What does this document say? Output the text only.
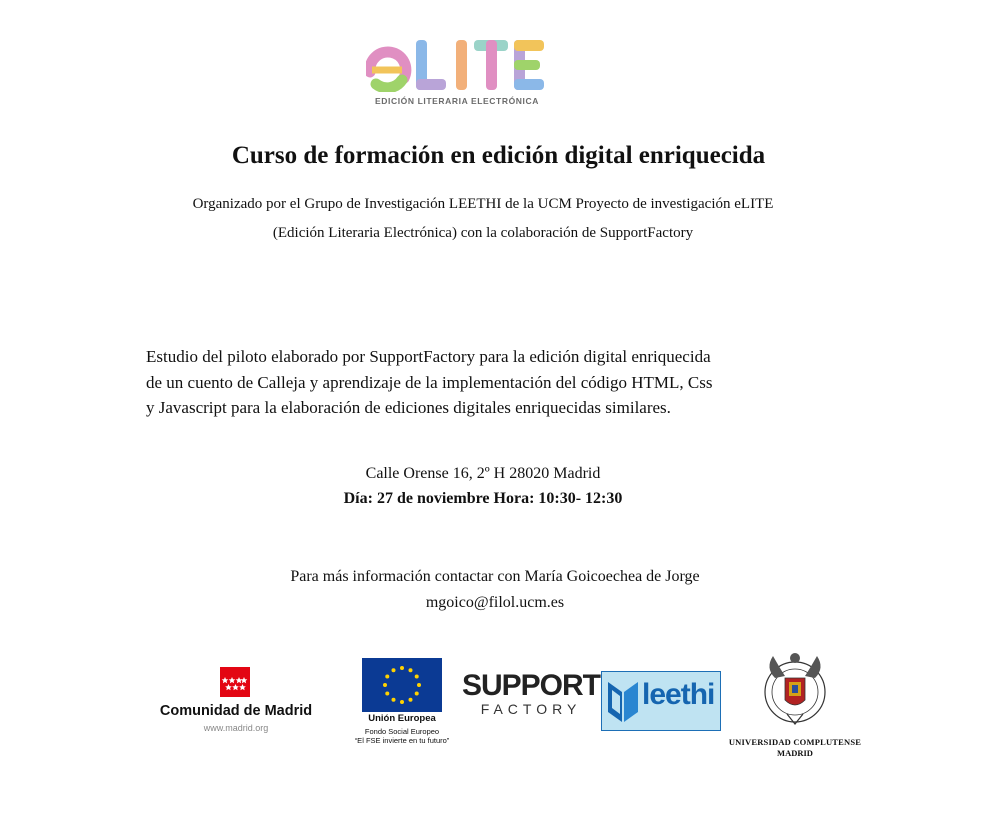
EDICIÓN LITERARIA ELECTRÓNICA
Curso de formación en edición digital enriquecida
Organizado por el Grupo de Investigación LEETHI de la UCM Proyecto de investigación eLITE
(Edición Literaria Electrónica) con la colaboración de SupportFactory
Estudio del piloto elaborado por SupportFactory para la edición digital enriquecida
de un cuento de Calleja y aprendizaje de la implementación del código HTML, Css
y Javascript para la elaboración de ediciones digitales enriquecidas similares.
Calle Orense 16, 2º H 28020 Madrid
Día: 27 de noviembre Hora: 10:30- 12:30
Para más información contactar con María Goicoechea de Jorge
mgoico@filol.ucm.es
Comunidad de Madrid
www.madrid.org
Unión Europea
Fondo Social Europeo
“El FSE invierte en tu futuro”
SUPPORT
FACTORY	leethi
UNIVERSIDAD COMPLUTENSE
MADRID
